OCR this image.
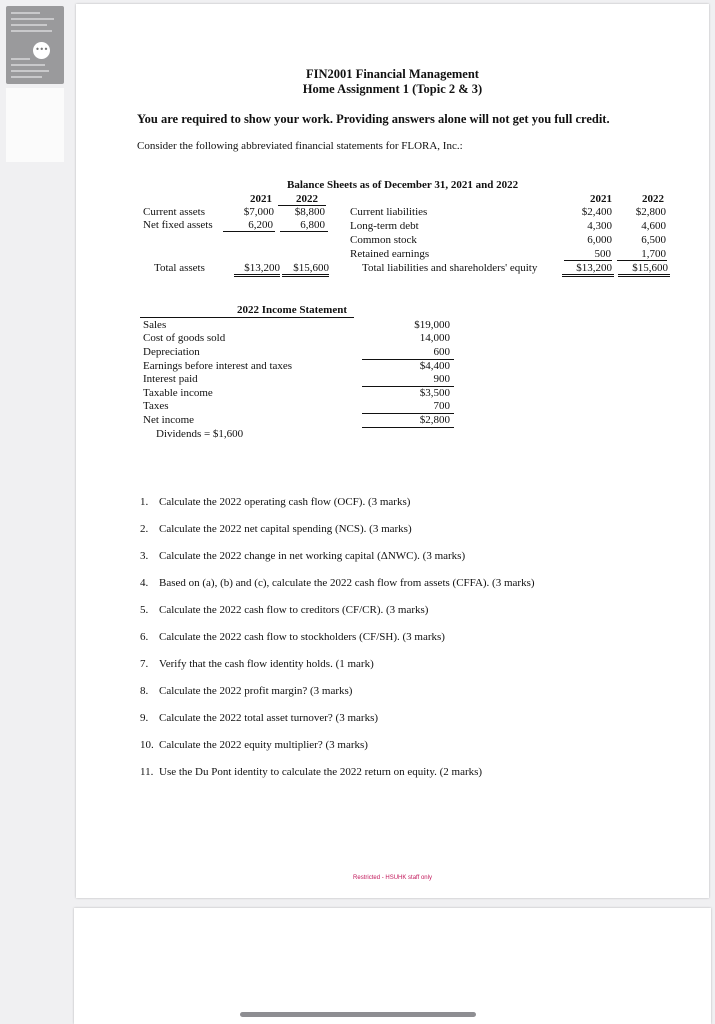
•••
FIN2001 Financial Management
Home Assignment 1 (Topic 2 & 3)
You are required to show your work. Providing answers alone will not get you full credit.
Consider the following abbreviated financial statements for FLORA, Inc.:
Balance Sheets as of December 31, 2021 and 2022
2021	2022
Current assets	$7,000	$8,800
Net fixed assets	6,200	6,800
Total assets	$13,200	$15,600
2021	2022
Current liabilities	$2,400	$2,800
Long-term debt	4,300	4,600
Common stock	6,000	6,500
Retained earnings	500	1,700
Total liabilities and shareholders' equity	$13,200	$15,600
2022 Income Statement
Sales	$19,000
Cost of goods sold	14,000
Depreciation	600
Earnings before interest and taxes	$4,400
Interest paid	900
Taxable income	$3,500
Taxes	700
Net income	$2,800
Dividends = $1,600
1. Calculate the 2022 operating cash flow (OCF). (3 marks)
2. Calculate the 2022 net capital spending (NCS). (3 marks)
3. Calculate the 2022 change in net working capital (ΔNWC). (3 marks)
4. Based on (a), (b) and (c), calculate the 2022 cash flow from assets (CFFA). (3 marks)
5. Calculate the 2022 cash flow to creditors (CF/CR). (3 marks)
6. Calculate the 2022 cash flow to stockholders (CF/SH). (3 marks)
7. Verify that the cash flow identity holds. (1 mark)
8. Calculate the 2022 profit margin? (3 marks)
9. Calculate the 2022 total asset turnover? (3 marks)
10. Calculate the 2022 equity multiplier? (3 marks)
11. Use the Du Pont identity to calculate the 2022 return on equity. (2 marks)
Restricted - HSUHK staff only
